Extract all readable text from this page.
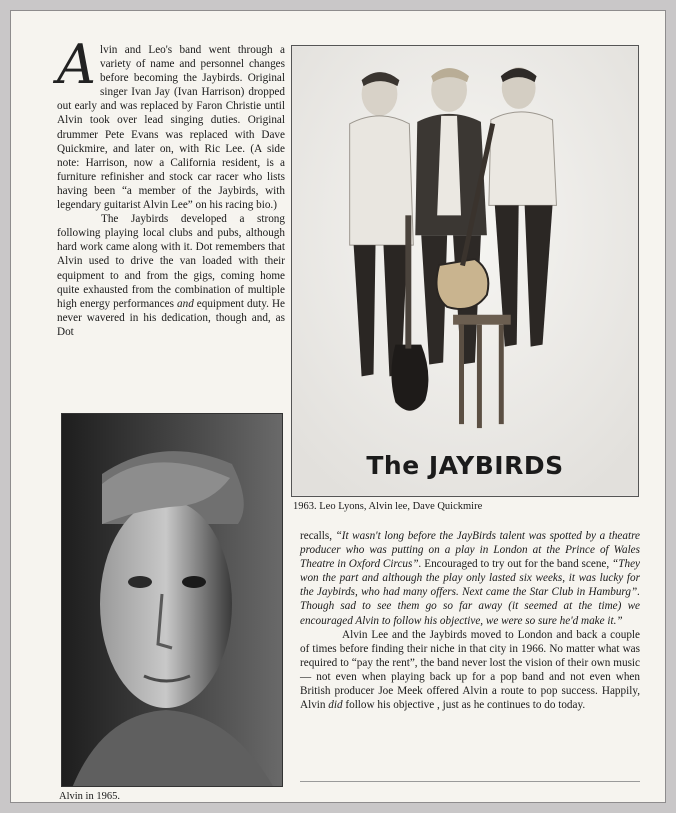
A lvin and Leo's band went through a variety of name and personnel changes before becoming the Jaybirds. Original singer Ivan Jay (Ivan Harrison) dropped out early and was replaced by Faron Christie until Alvin took over lead singing duties. Original drummer Pete Evans was replaced with Dave Quickmire, and later on, with Ric Lee. (A side note: Harrison, now a California resident, is a furniture refinisher and stock car racer who lists having been “a member of the Jaybirds, with legendary guitarist Alvin Lee” on his racing bio.)

The Jaybirds developed a strong following playing local clubs and pubs, although hard work came along with it. Dot remembers that Alvin used to drive the van loaded with their equipment to and from the gigs, coming home quite exhausted from the combination of multiple high energy performances and equipment duty. He never wavered in his dedication, though and, as Dot

The JAYBIRDS
1963. Leo Lyons, Alvin lee, Dave Quickmire
Alvin in 1965.

recalls, “It wasn't long before the JayBirds talent was spotted by a theatre producer who was putting on a play in London at the Prince of Wales Theatre in Oxford Circus”. Encouraged to try out for the band scene, “They won the part and although the play only lasted six weeks, it was lucky for the Jaybirds, who had many offers. Next came the Star Club in Hamburg”. Though sad to see them go so far away (it seemed at the time) we encouraged Alvin to follow his objective, we were so sure he'd make it.”

Alvin Lee and the Jaybirds moved to London and back a couple of times before finding their niche in that city in 1966. No matter what was required to “pay the rent”, the band never lost the vision of their own music — not even when playing back up for a pop band and not even when British producer Joe Meek offered Alvin a route to pop success. Happily, Alvin did follow his objective , just as he continues to do today.
